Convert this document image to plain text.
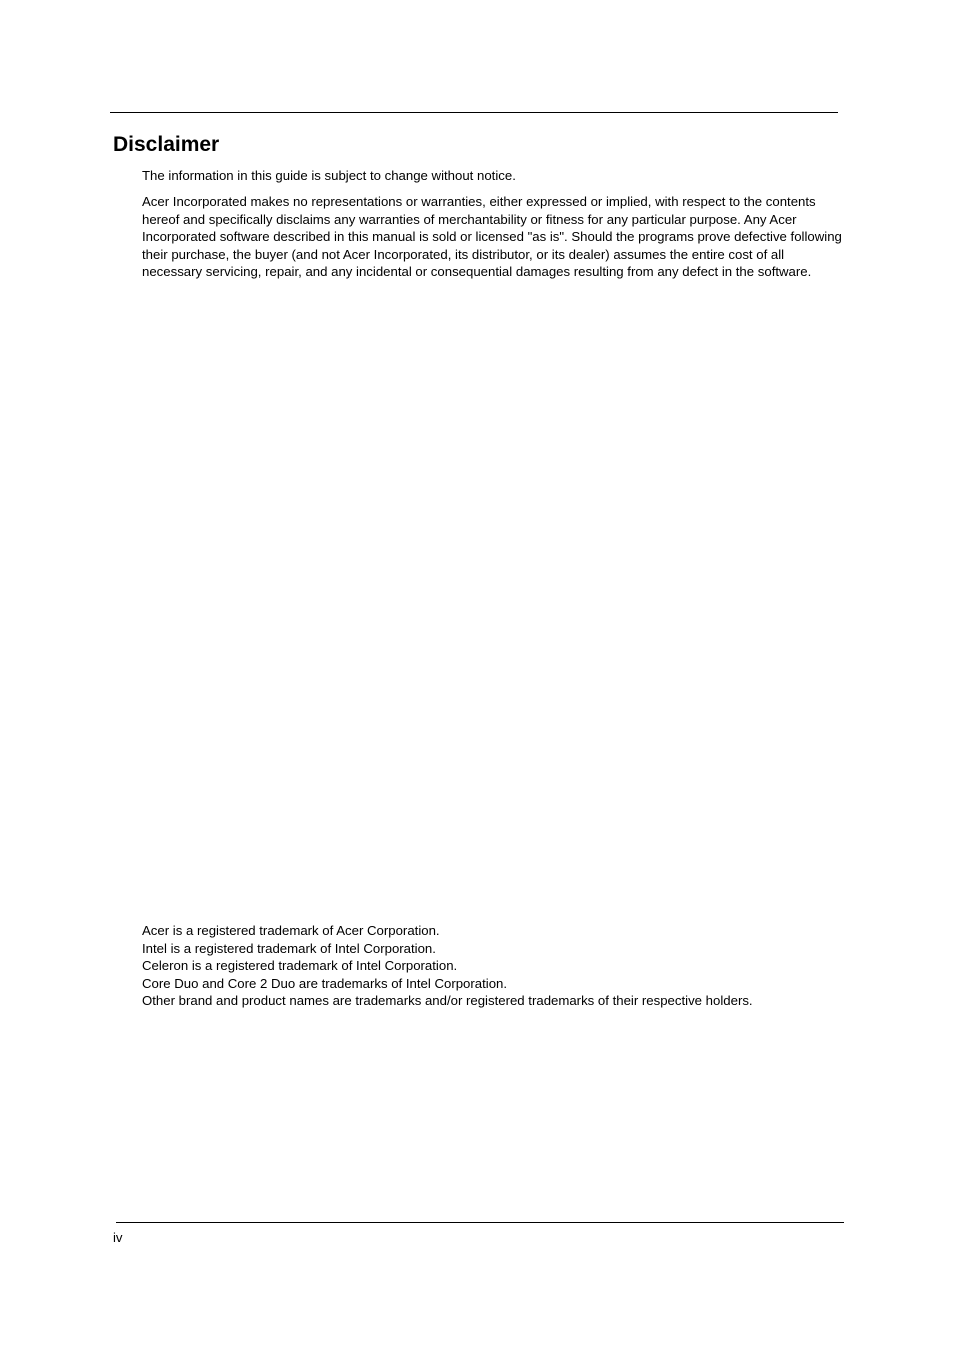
Disclaimer

The information in this guide is subject to change without notice.

Acer Incorporated makes no representations or warranties, either expressed or implied, with respect to the contents hereof and specifically disclaims any warranties of merchantability or fitness for any particular purpose. Any Acer Incorporated software described in this manual is sold or licensed "as is". Should the programs prove defective following their purchase, the buyer (and not Acer Incorporated, its distributor, or its dealer) assumes the entire cost of all necessary servicing, repair, and any incidental or consequential damages resulting from any defect in the software.

Acer is a registered trademark of Acer Corporation.
Intel is a registered trademark of Intel Corporation.
Celeron is a registered trademark of Intel Corporation.
Core Duo and Core 2 Duo are trademarks of Intel Corporation.
Other brand and product names are trademarks and/or registered trademarks of their respective holders.
iv
